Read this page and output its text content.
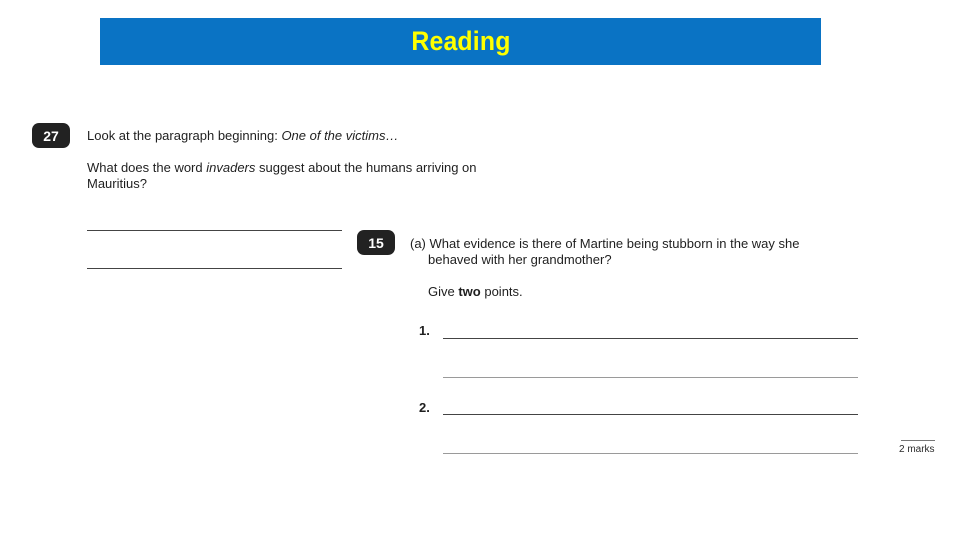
Reading
27	Look at the paragraph beginning: One of the victims…
What does the word invaders suggest about the humans arriving on
Mauritius?
15	(a) What evidence is there of Martine being stubborn in the way she
behaved with her grandmother?
Give two points.
1.
2.
2 marks
